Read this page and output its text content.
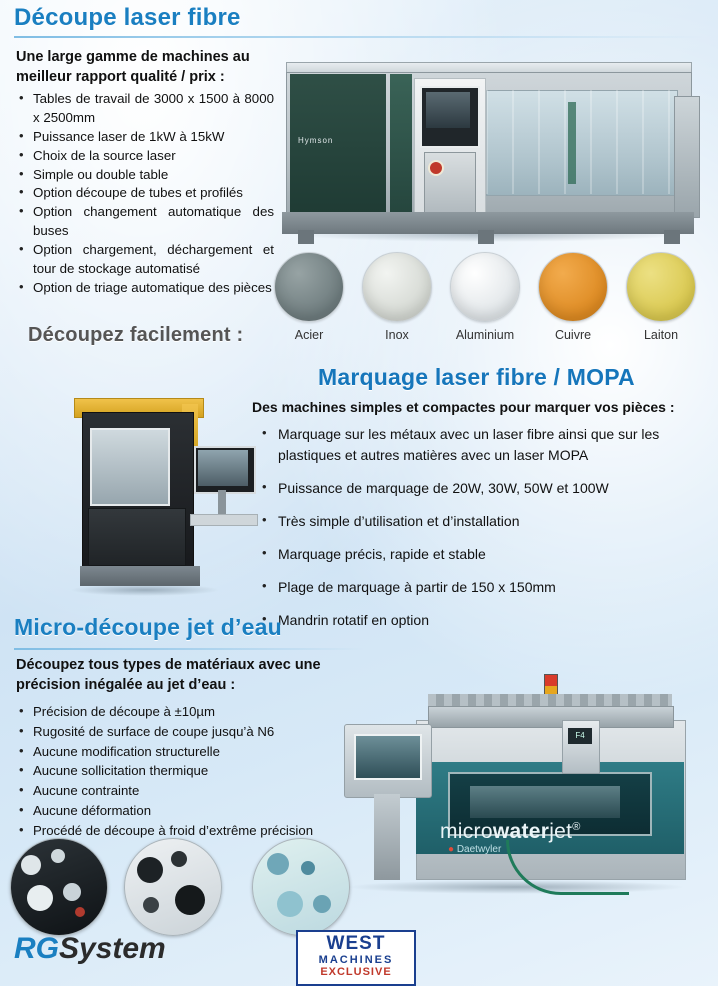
Découpe laser fibre
Une large gamme de machines au meilleur rapport qualité / prix :
• Tables de travail de 3000 x 1500 à 8000 x 2500mm
• Puissance laser de 1kW à 15kW
• Choix de la source laser
• Simple ou double table
• Option découpe de tubes et profilés
• Option changement automatique des buses
• Option chargement, déchargement et tour de stockage automatisé
• Option de triage automatique des pièces
Hymson
Découpez facilement :	Acier	Inox	Aluminium	Cuivre	Laiton
Marquage laser fibre / MOPA
Des machines simples et compactes pour marquer vos pièces :
• Marquage sur les métaux avec un laser fibre ainsi que sur les plastiques et autres matières avec un laser MOPA
• Puissance de marquage de 20W, 30W, 50W et 100W
• Très simple d’utilisation et d’installation
• Marquage précis, rapide et stable
• Plage de marquage à partir de 150 x 150mm
• Mandrin rotatif en option
Micro-découpe jet d’eau
Découpez tous types de matériaux avec une précision inégalée au jet d’eau :
• Précision de découpe à ±10µm
• Rugosité de surface de coupe jusqu’à N6
• Aucune modification structurelle
• Aucune sollicitation thermique
• Aucune contrainte
• Aucune déformation
• Procédé de découpe à froid d’extrême précision
F4
microwaterjet®
● Daetwyler
RGSystem	WEST
MACHINES
EXCLUSIVE
